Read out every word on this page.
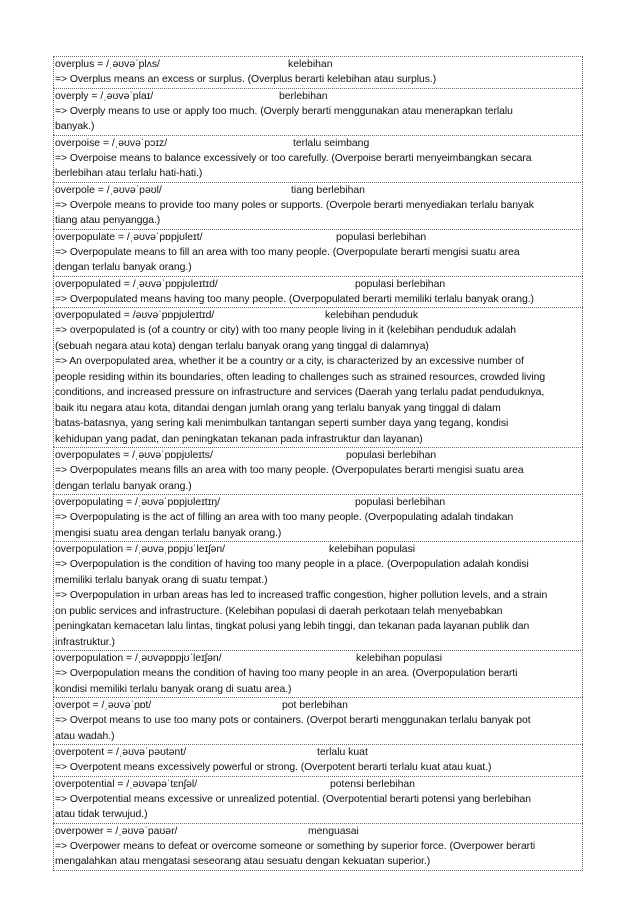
overplus = /ˌəʊvəˈplʌs/	kelebihan
=> Overplus means an excess or surplus. (Overplus berarti kelebihan atau surplus.)
overply = /ˌəʊvəˈplaɪ/	berlebihan
=> Overply means to use or apply too much. (Overply berarti menggunakan atau menerapkan terlalu
banyak.)
overpoise = /ˌəʊvəˈpɔɪz/	terlalu seimbang
=> Overpoise means to balance excessively or too carefully. (Overpoise berarti menyeimbangkan secara
berlebihan atau terlalu hati-hati.)
overpole = /ˌəʊvəˈpəʊl/	tiang berlebihan
=> Overpole means to provide too many poles or supports. (Overpole berarti menyediakan terlalu banyak
tiang atau penyangga.)
overpopulate = /ˌəʊvəˈpɒpjʊleɪt/	populasi berlebihan
=> Overpopulate means to fill an area with too many people. (Overpopulate berarti mengisi suatu area
dengan terlalu banyak orang.)
overpopulated = /ˌəʊvəˈpɒpjʊleɪtɪd/	populasi berlebihan
=> Overpopulated means having too many people. (Overpopulated berarti memiliki terlalu banyak orang.)
overpopulated = /əʊvəˈpɒpjʊleɪtɪd/	kelebihan penduduk
=> overpopulated is (of a country or city) with too many people living in it (kelebihan penduduk adalah
(sebuah negara atau kota) dengan terlalu banyak orang yang tinggal di dalamnya)
=> An overpopulated area, whether it be a country or a city, is characterized by an excessive number of
people residing within its boundaries, often leading to challenges such as strained resources, crowded living
conditions, and increased pressure on infrastructure and services (Daerah yang terlalu padat penduduknya,
baik itu negara atau kota, ditandai dengan jumlah orang yang terlalu banyak yang tinggal di dalam
batas-batasnya, yang sering kali menimbulkan tantangan seperti sumber daya yang tegang, kondisi
kehidupan yang padat, dan peningkatan tekanan pada infrastruktur dan layanan)
overpopulates = /ˌəʊvəˈpɒpjʊleɪts/	populasi berlebihan
=> Overpopulates means fills an area with too many people. (Overpopulates berarti mengisi suatu area
dengan terlalu banyak orang.)
overpopulating = /ˌəʊvəˈpɒpjʊleɪtɪŋ/	populasi berlebihan
=> Overpopulating is the act of filling an area with too many people. (Overpopulating adalah tindakan
mengisi suatu area dengan terlalu banyak orang.)
overpopulation = /ˌəʊvəˌpɒpjʊˈleɪʃən/	kelebihan populasi
=> Overpopulation is the condition of having too many people in a place. (Overpopulation adalah kondisi
memiliki terlalu banyak orang di suatu tempat.)
=> Overpopulation in urban areas has led to increased traffic congestion, higher pollution levels, and a strain
on public services and infrastructure. (Kelebihan populasi di daerah perkotaan telah menyebabkan
peningkatan kemacetan lalu lintas, tingkat polusi yang lebih tinggi, dan tekanan pada layanan publik dan
infrastruktur.)
overpopulation = /ˌəʊvəpɒpjʊˈleɪʃən/	kelebihan populasi
=> Overpopulation means the condition of having too many people in an area. (Overpopulation berarti
kondisi memiliki terlalu banyak orang di suatu area.)
overpot = /ˌəʊvəˈpɒt/	pot berlebihan
=> Overpot means to use too many pots or containers. (Overpot berarti menggunakan terlalu banyak pot
atau wadah.)
overpotent = /ˌəʊvəˈpəʊtənt/	terlalu kuat
=> Overpotent means excessively powerful or strong. (Overpotent berarti terlalu kuat atau kuat.)
overpotential = /ˌəʊvəpəˈtɛnʃəl/	potensi berlebihan
=> Overpotential means excessive or unrealized potential. (Overpotential berarti potensi yang berlebihan
atau tidak terwujud.)
overpower = /ˌəʊvəˈpaʊər/	menguasai
=> Overpower means to defeat or overcome someone or something by superior force. (Overpower berarti
mengalahkan atau mengatasi seseorang atau sesuatu dengan kekuatan superior.)
